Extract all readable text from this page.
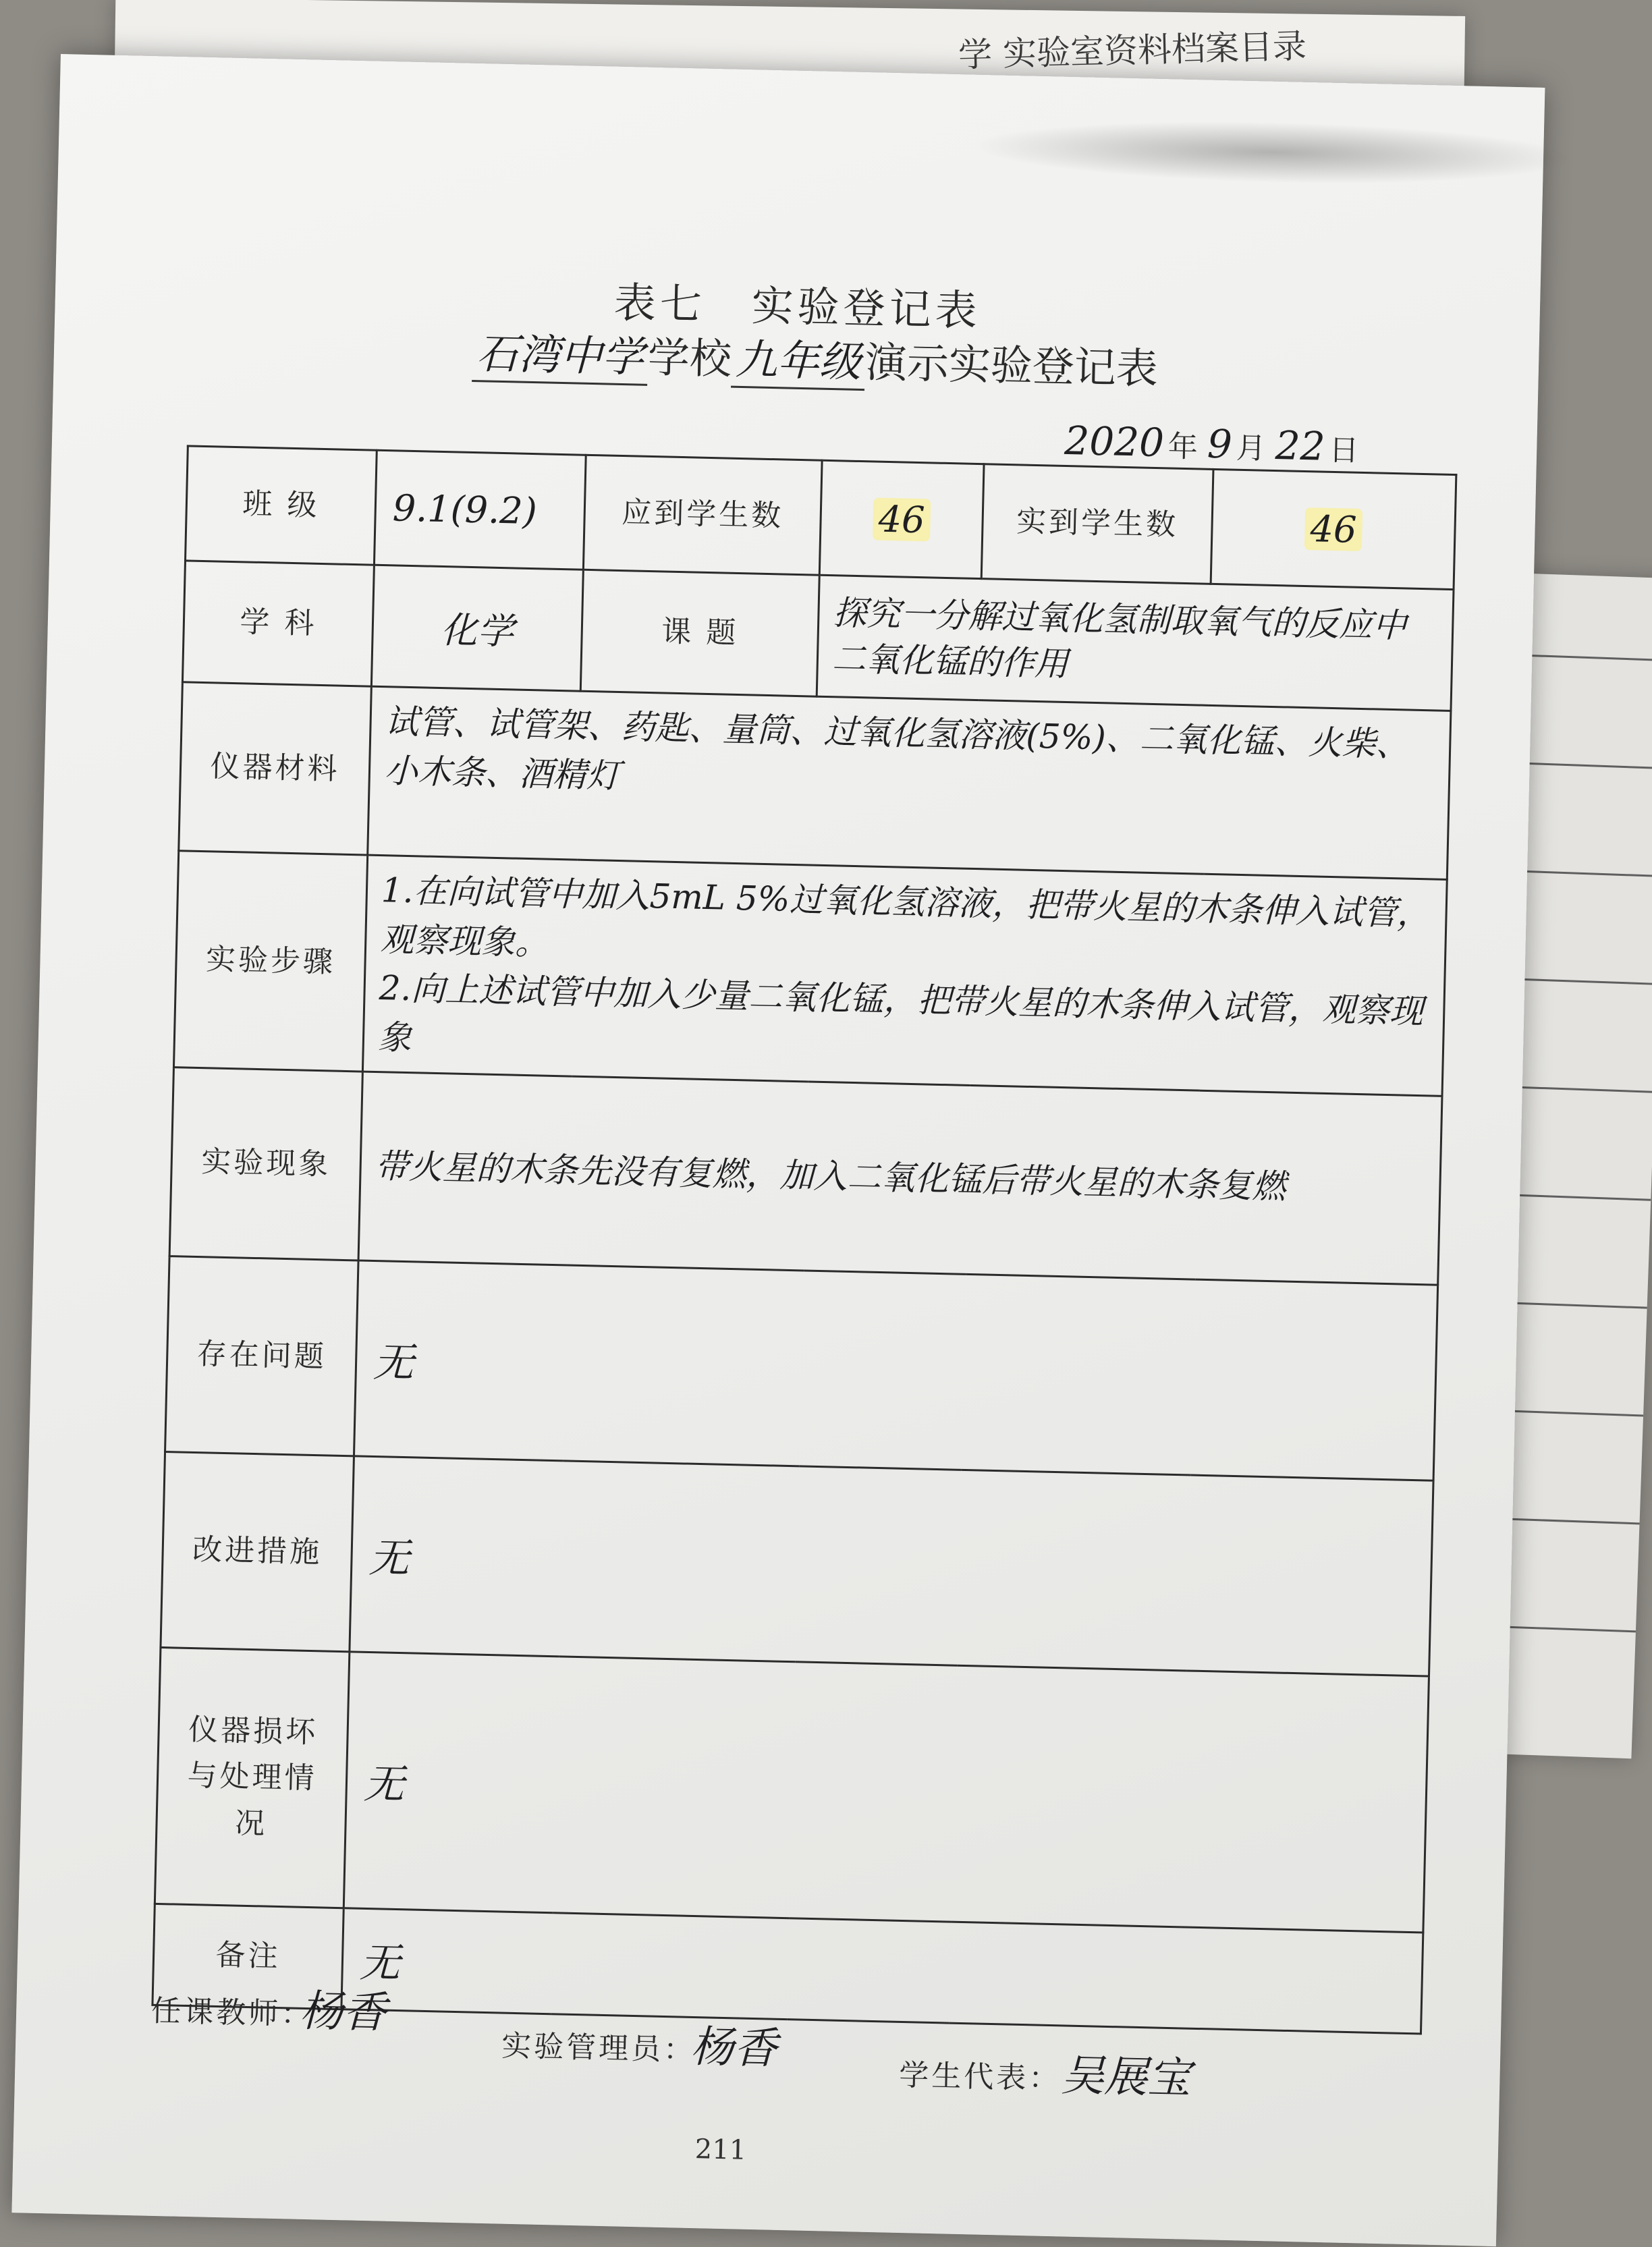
学 实验室资料档案目录
表七　实验登记表
石湾中学 学校 九年级 演示实验登记表
2020 年 9 月 22 日
班 级	9.1(9.2)	应到学生数	46	实到学生数	46
学 科	化学	课 题	探究一分解过氧化氢制取氧气的反应中二氧化锰的作用		
仪器材料	试管、试管架、药匙、量筒、过氧化氢溶液(5%)、二氧化锰、火柴、小木条、酒精灯				
实验步骤	1.在向试管中加入5mL 5%过氧化氢溶液，把带火星的木条伸入试管，观察现象。
2.向上述试管中加入少量二氧化锰，把带火星的木条伸入试管，观察现象				

实验现象	带火星的木条先没有复燃，加入二氧化锰后带火星的木条复燃				
存在问题	无				
改进措施	无				
仪器损坏与处理情况	无				
备注	无				
任课教师：
杨香
实验管理员：
杨香
学生代表：
吴展宝
211
